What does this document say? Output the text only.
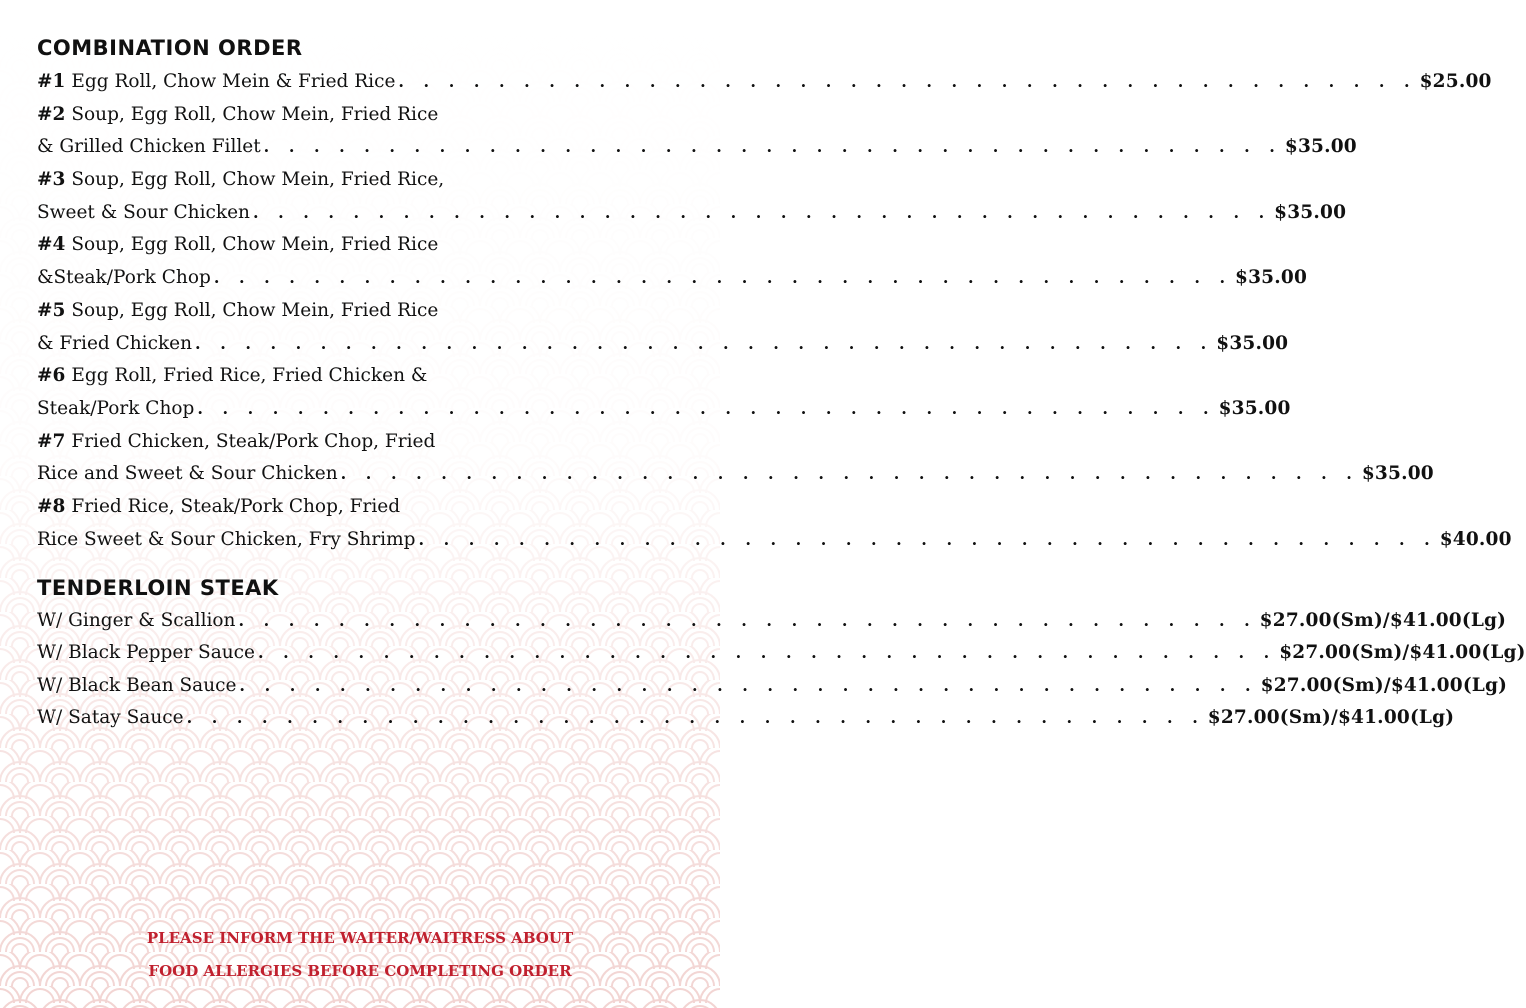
COMBINATION ORDER
#1 Egg Roll, Chow Mein & Fried Rice . . . . . . . . . . . . . . . . . . . . . . . . . . . . . . . . . . . . . . . . . $25.00
#2 Soup, Egg Roll, Chow Mein, Fried Rice
& Grilled Chicken Fillet . . . . . . . . . . . . . . . . . . . . . . . . . . . . . . . . . . . . . . . . . $35.00
#3 Soup, Egg Roll, Chow Mein, Fried Rice,
Sweet & Sour Chicken . . . . . . . . . . . . . . . . . . . . . . . . . . . . . . . . . . . . . . . . . $35.00
#4 Soup, Egg Roll, Chow Mein, Fried Rice
&Steak/Pork Chop . . . . . . . . . . . . . . . . . . . . . . . . . . . . . . . . . . . . . . . . . $35.00
#5 Soup, Egg Roll, Chow Mein, Fried Rice
& Fried Chicken . . . . . . . . . . . . . . . . . . . . . . . . . . . . . . . . . . . . . . . . . $35.00
#6 Egg Roll, Fried Rice, Fried Chicken &
Steak/Pork Chop . . . . . . . . . . . . . . . . . . . . . . . . . . . . . . . . . . . . . . . . . $35.00
#7 Fried Chicken, Steak/Pork Chop, Fried
Rice and Sweet & Sour Chicken . . . . . . . . . . . . . . . . . . . . . . . . . . . . . . . . . . . . . . . . . $35.00
#8 Fried Rice, Steak/Pork Chop, Fried
Rice Sweet & Sour Chicken, Fry Shrimp . . . . . . . . . . . . . . . . . . . . . . . . . . . . . . . . . . . . . . . . . $40.00
TENDERLOIN STEAK
W/ Ginger & Scallion . . . . . . . . . . . . . . . . . . . . . . . . . . . . . . . . . . . . . . . . . $27.00(Sm)/$41.00(Lg)
W/ Black Pepper Sauce . . . . . . . . . . . . . . . . . . . . . . . . . . . . . . . . . . . . . . . . . $27.00(Sm)/$41.00(Lg)
W/ Black Bean Sauce . . . . . . . . . . . . . . . . . . . . . . . . . . . . . . . . . . . . . . . . . $27.00(Sm)/$41.00(Lg)
W/ Satay Sauce . . . . . . . . . . . . . . . . . . . . . . . . . . . . . . . . . . . . . . . . . $27.00(Sm)/$41.00(Lg)
PLEASE INFORM THE WAITER/WAITRESS ABOUT
FOOD ALLERGIES BEFORE COMPLETING ORDER
